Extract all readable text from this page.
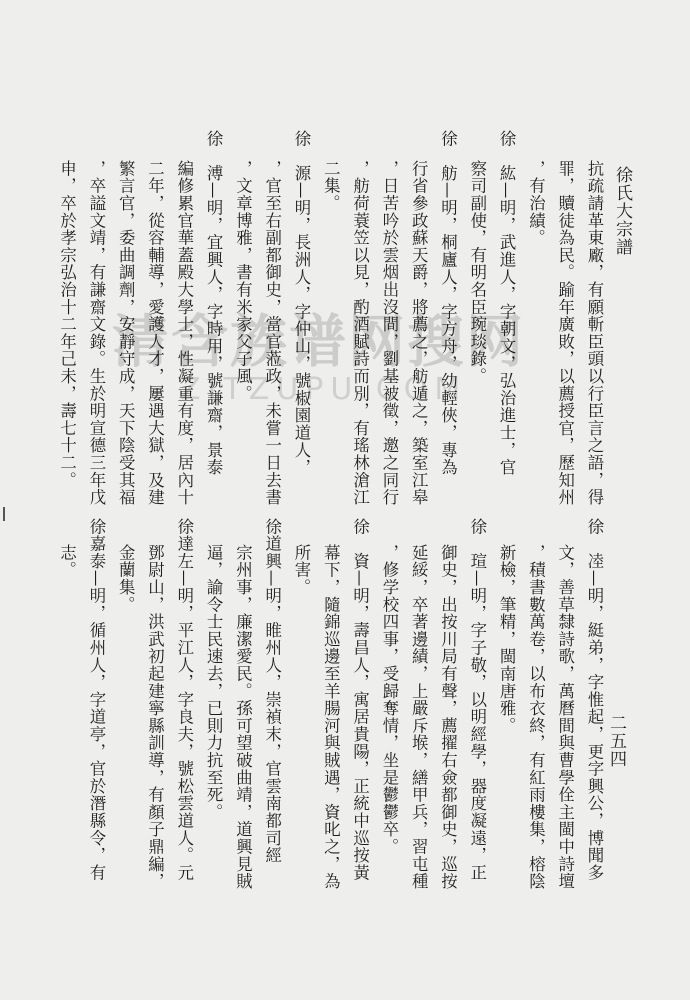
徐氏大宗譜
二五四
清含族谱网搜网
ZITZUPU.COM	抗疏請革東廠，有願斬臣頭以行臣言之語，得
罪，贖徒為民。踰年廣敗，以薦授官，歷知州
，有治績。
徐　紘—明，武進人，字朝文，弘治進士，官
察司副使，有明名臣琬琰錄。
徐　舫—明，桐廬人，字方舟，幼輕俠，專為
行省參政蘇天爵，將薦之，舫遁之，築室江皋
，日苦吟於雲烟出沒間，劉基被徵，邀之同行
，舫荷蓑笠以見，酌酒賦詩而別，有瑤林滄江
二集。
徐　源—明，長洲人，字仲山，號椒園道人，
，官至右副都御史，當官蒞政，未嘗一日去書
，文章博雅，書有米家父子風。
徐　溥—明，宜興人，字時用，號謙齋，景泰
編修累官華蓋殿大學士，性凝重有度，居內十
二年，從容輔導，愛護人才，屢遇大獄，及建
繁言官，委曲調劑，安靜守成，天下陰受其福
，卒謚文靖，有謙齋文錄。生於明宣德三年戊
申，卒於孝宗弘治十二年己未，壽七十二。
徐　㓐—明，綎弟，字惟起，更字興公，博聞多
文，善草隸詩歌，萬曆間與曹學佺主閩中詩壇
，積書數萬卷，以布衣終，有紅雨樓集，榕陰
新檢，筆精，閩南唐雅。
徐　瑄—明，字子敬，以明經學，器度凝遠，正
御史，出按川局有聲，薦擢右僉都御史，巡按
延綏，卒著邊績，上嚴斥堠，繕甲兵，習屯種
，修学校四事，受歸奪情，坐是鬱鬱卒。
徐　資—明，壽昌人，寓居貴陽，正統中巡按黃
幕下，隨錦巡邊至羊腸河與賊遇，資叱之，為
所害。
徐道興—明，睢州人，崇禎末，官雲南都司經
宗州事，廉潔愛民。孫可望破曲靖，道興見賊
逼，諭令士民速去，已則力抗至死。
徐達左—明，平江人，字良夫，號松雲道人。元
鄧尉山，洪武初起建寧縣訓導，有顏子鼎編，
金蘭集。
徐嘉泰—明，循州人，字道亭，官於潛縣令，有
志。
